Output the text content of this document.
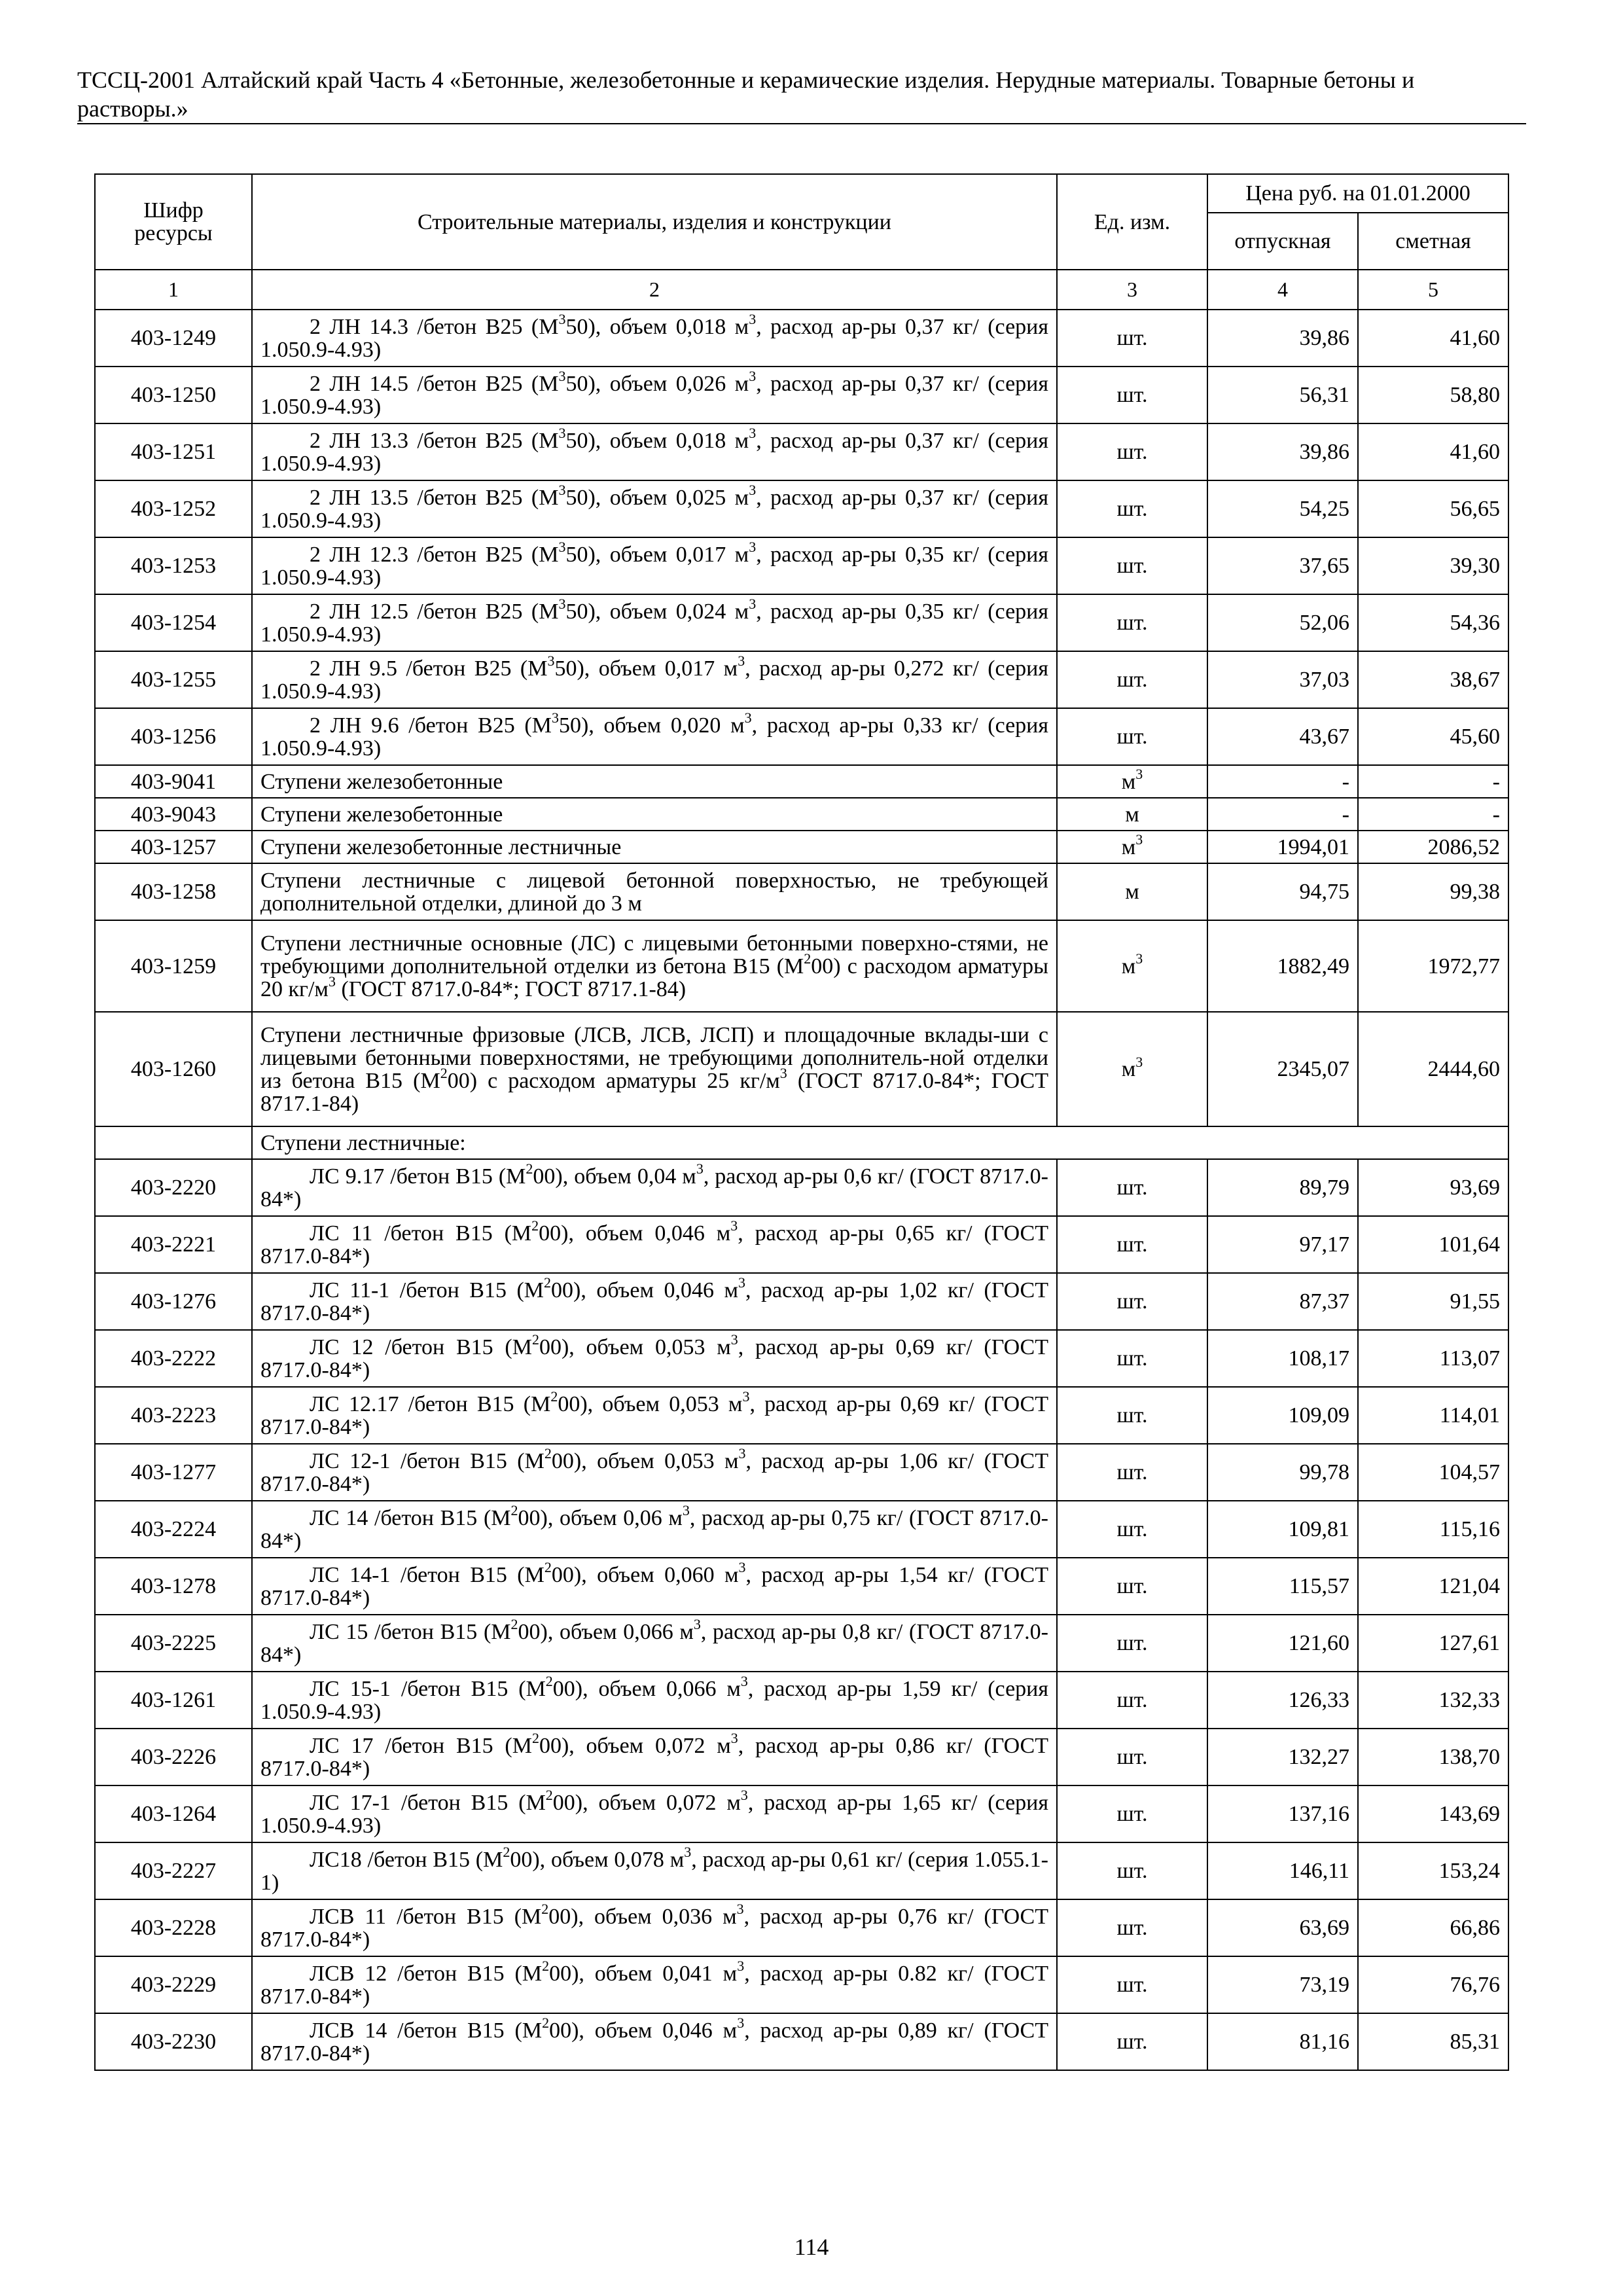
ТССЦ-2001 Алтайский край Часть 4 «Бетонные, железобетонные и керамические изделия. Нерудные материалы. Товарные бетоны и растворы.»
Шифр ресурсы	Строительные материалы, изделия и конструкции	Ед. изм.	Цена руб. на 01.01.2000	
			отпускная	сметная
1	2	3	4	5
403-1249	2 ЛН 14.3 /бетон В25 $(М^350)$, объем 0,018 $м^3$, расход ар-ры 0,37 кг/ (серия 1.050.9-4.93)	шт.	39,86	41,60
403-1250	2 ЛН 14.5 /бетон В25 $(М^350)$, объем 0,026 $м^3$, расход ар-ры 0,37 кг/ (серия 1.050.9-4.93)	шт.	56,31	58,80
403-1251	2 ЛН 13.3 /бетон В25 $(М^350)$, объем 0,018 $м^3$, расход ар-ры 0,37 кг/ (серия 1.050.9-4.93)	шт.	39,86	41,60
403-1252	2 ЛН 13.5 /бетон В25 $(М^350)$, объем 0,025 $м^3$, расход ар-ры 0,37 кг/ (серия 1.050.9-4.93)	шт.	54,25	56,65
403-1253	2 ЛН 12.3 /бетон В25 $(М^350)$, объем 0,017 $м^3$, расход ар-ры 0,35 кг/ (серия 1.050.9-4.93)	шт.	37,65	39,30
403-1254	2 ЛН 12.5 /бетон В25 $(М^350)$, объем 0,024 $м^3$, расход ар-ры 0,35 кг/ (серия 1.050.9-4.93)	шт.	52,06	54,36
403-1255	2 ЛН 9.5 /бетон В25 $(М^350)$, объем 0,017 $м^3$, расход ар-ры 0,272 кг/ (серия 1.050.9-4.93)	шт.	37,03	38,67
403-1256	2 ЛН 9.6 /бетон В25 $(М^350)$, объем 0,020 $м^3$, расход ар-ры 0,33 кг/ (серия 1.050.9-4.93)	шт.	43,67	45,60
403-9041	Ступени железобетонные	$м^3$	-	-
403-9043	Ступени железобетонные	м	-	-
403-1257	Ступени железобетонные лестничные	$м^3$	1994,01	2086,52
403-1258	Ступени лестничные с лицевой бетонной поверхностью, не требующей дополнительной отделки, длиной до 3 м	м	94,75	99,38
403-1259	Ступени лестничные основные (ЛС) с лицевыми бетонными поверхно-стями, не требующими дополнительной отделки из бетона В15 $(М^200)$ с расходом арматуры 20 $кг/м^3$ (ГОСТ 8717.0-84*; ГОСТ 8717.1-84)	$м^3$	1882,49	1972,77
403-1260	Ступени лестничные фризовые (ЛСВ, ЛСВ, ЛСП) и площадочные вклады-ши с лицевыми бетонными поверхностями, не требующими дополнитель-ной отделки из бетона В15 $(М^200)$ с расходом арматуры 25 $кг/м^3$ (ГОСТ 8717.0-84*; ГОСТ 8717.1-84)	$м^3$	2345,07	2444,60
	Ступени лестничные:			
403-2220	ЛС 9.17 /бетон В15 $(М^200)$, объем 0,04 $м^3$, расход ар-ры 0,6 кг/ (ГОСТ 8717.0-84*)	шт.	89,79	93,69
403-2221	ЛС 11 /бетон В15 $(М^200)$, объем 0,046 $м^3$, расход ар-ры 0,65 кг/ (ГОСТ 8717.0-84*)	шт.	97,17	101,64
403-1276	ЛС 11-1 /бетон В15 $(М^200)$, объем 0,046 $м^3$, расход ар-ры 1,02 кг/ (ГОСТ 8717.0-84*)	шт.	87,37	91,55
403-2222	ЛС 12 /бетон В15 $(М^200)$, объем 0,053 $м^3$, расход ар-ры 0,69 кг/ (ГОСТ 8717.0-84*)	шт.	108,17	113,07
403-2223	ЛС 12.17 /бетон В15 $(М^200)$, объем 0,053 $м^3$, расход ар-ры 0,69 кг/ (ГОСТ 8717.0-84*)	шт.	109,09	114,01
403-1277	ЛС 12-1 /бетон В15 $(М^200)$, объем 0,053 $м^3$, расход ар-ры 1,06 кг/ (ГОСТ 8717.0-84*)	шт.	99,78	104,57
403-2224	ЛС 14 /бетон В15 $(М^200)$, объем 0,06 $м^3$, расход ар-ры 0,75 кг/ (ГОСТ 8717.0-84*)	шт.	109,81	115,16
403-1278	ЛС 14-1 /бетон В15 $(М^200)$, объем 0,060 $м^3$, расход ар-ры 1,54 кг/ (ГОСТ 8717.0-84*)	шт.	115,57	121,04
403-2225	ЛС 15 /бетон В15 $(М^200)$, объем 0,066 $м^3$, расход ар-ры 0,8 кг/ (ГОСТ 8717.0-84*)	шт.	121,60	127,61
403-1261	ЛС 15-1 /бетон В15 $(М^200)$, объем 0,066 $м^3$, расход ар-ры 1,59 кг/ (серия 1.050.9-4.93)	шт.	126,33	132,33
403-2226	ЛС 17 /бетон В15 $(М^200)$, объем 0,072 $м^3$, расход ар-ры 0,86 кг/ (ГОСТ 8717.0-84*)	шт.	132,27	138,70
403-1264	ЛС 17-1 /бетон В15 $(М^200)$, объем 0,072 $м^3$, расход ар-ры 1,65 кг/ (серия 1.050.9-4.93)	шт.	137,16	143,69
403-2227	ЛС18 /бетон В15 $(М^200)$, объем 0,078 $м^3$, расход ар-ры 0,61 кг/ (серия 1.055.1-1)	шт.	146,11	153,24
403-2228	ЛСВ 11 /бетон В15 $(М^200)$, объем 0,036 $м^3$, расход ар-ры 0,76 кг/ (ГОСТ 8717.0-84*)	шт.	63,69	66,86
403-2229	ЛСВ 12 /бетон В15 $(М^200)$, объем 0,041 $м^3$, расход ар-ры 0.82 кг/ (ГОСТ 8717.0-84*)	шт.	73,19	76,76
403-2230	ЛСВ 14 /бетон В15 $(М^200)$, объем 0,046 $м^3$, расход ар-ры 0,89 кг/ (ГОСТ 8717.0-84*)	шт.	81,16	85,31
114
